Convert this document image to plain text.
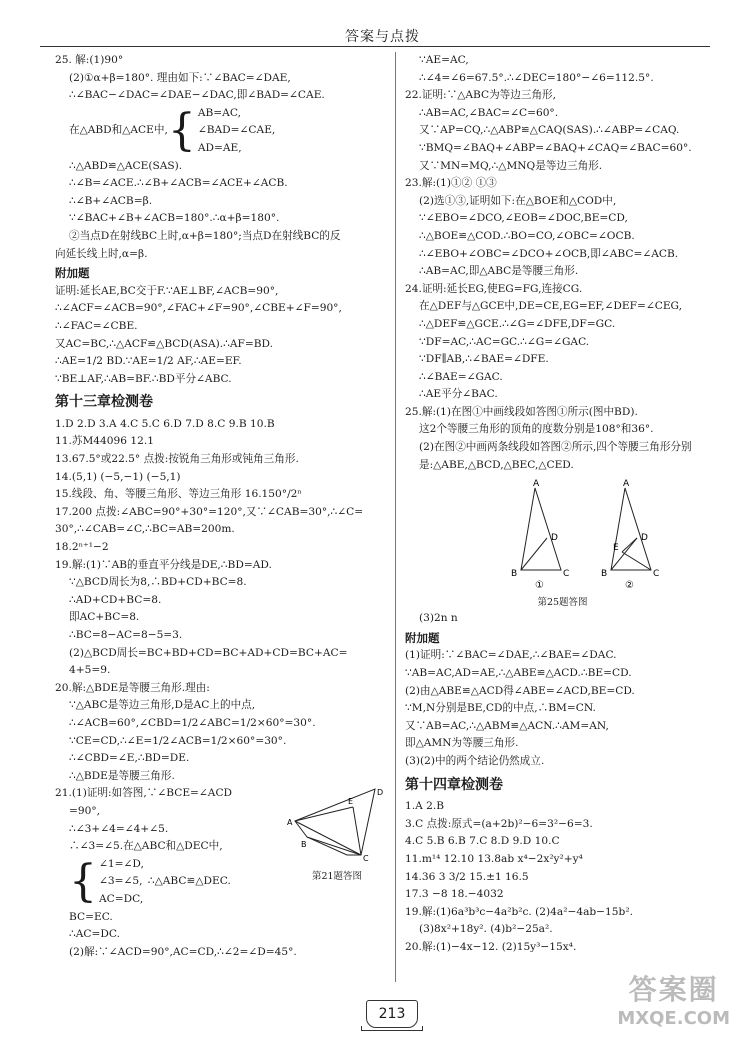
答案与点拨
25. 解:(1)90°
(2)①α+β=180°. 理由如下:∵∠BAC=∠DAE,
∴∠BAC−∠DAC=∠DAE−∠DAC,即∠BAD=∠CAE.
在△ABD和△ACE中, { AB=AC,
∠BAD=∠CAE,
AD=AE,
∴△ABD≌△ACE(SAS).
∴∠B=∠ACE.∴∠B+∠ACB=∠ACE+∠ACB.
∴∠B+∠ACB=β.
∵∠BAC+∠B+∠ACB=180°.∴α+β=180°.
②当点D在射线BC上时,α+β=180°;当点D在射线BC的反
向延长线上时,α=β.
附加题
证明:延长AE,BC交于F.∵AE⊥BF,∠ACB=90°,
∴∠ACF=∠ACB=90°,∠FAC+∠F=90°,∠CBE+∠F=90°,
∴∠FAC=∠CBE.
又AC=BC,∴△ACF≌△BCD(ASA).∴AF=BD.
∴AE=1/2 BD.∵AE=1/2 AF,∴AE=EF.
∵BE⊥AF,∴AB=BF.∴BD平分∠ABC.
第十三章检测卷
1.D 2.D 3.A 4.C 5.C 6.D 7.D 8.C 9.B 10.B
11.苏M44096 12.1
13.67.5°或22.5° 点拨:按锐角三角形或钝角三角形.
14.(5,1) (−5,−1) (−5,1)
15.线段、角、等腰三角形、等边三角形 16.150°/2ⁿ
17.200 点拨:∠ABC=90°+30°=120°,又∵∠CAB=30°,∴∠C=
30°,∴∠CAB=∠C,∴BC=AB=200m.
18.2ⁿ⁺¹−2
19.解:(1)∵AB的垂直平分线是DE,∴BD=AD.
∵△BCD周长为8,∴BD+CD+BC=8.
∴AD+CD+BC=8.
即AC+BC=8.
∴BC=8−AC=8−5=3.
(2)△BCD周长=BC+BD+CD=BC+AD+CD=BC+AC=
4+5=9.
20.解:△BDE是等腰三角形.理由:
∵△ABC是等边三角形,D是AC上的中点,
∴∠ACB=60°,∠CBD=1/2∠ABC=1/2×60°=30°.
∵CE=CD,∴∠E=1/2∠ACB=1/2×60°=30°.
∴∠CBD=∠E,∴BD=DE.
∴△BDE是等腰三角形.
21.(1)证明:如答图,∵∠BCE=∠ACD
=90°,
∴∠3+∠4=∠4+∠5.
∴∠3=∠5.在△ABC和△DEC中,
{ ∠1=∠D,
∠3=∠5,
AC=DC,
∴△ABC≌△DEC.
BC=EC.
∴AC=DC.
(2)解:∵∠ACD=90°,AC=CD,∴∠2=∠D=45°.
A
D
E
B
C
第21题答图
∵AE=AC,
∴∠4=∠6=67.5°.∴∠DEC=180°−∠6=112.5°.
22.证明:∵△ABC为等边三角形,
∴AB=AC,∠BAC=∠C=60°.
又∵AP=CQ,∴△ABP≌△CAQ(SAS).∴∠ABP=∠CAQ.
∵BMQ=∠BAQ+∠ABP=∠BAQ+∠CAQ=∠BAC=60°.
又∵MN=MQ,∴△MNQ是等边三角形.
23.解:(1)①② ①③
(2)选①③,证明如下:在△BOE和△COD中,
∵∠EBO=∠DCO,∠EOB=∠DOC,BE=CD,
∴△BOE≌△COD.∴BO=CO,∠OBC=∠OCB.
∴∠EBO+∠OBC=∠DCO+∠OCB,即∠ABC=∠ACB.
∴AB=AC,即△ABC是等腰三角形.
24.证明:延长EG,使EG=FG,连接CG.
在△DEF与△GCE中,DE=CE,EG=EF,∠DEF=∠CEG,
∴△DEF≌△GCE.∴∠G=∠DFE,DF=GC.
∵DF=AC,∴AC=GC.∴∠G=∠GAC.
∵DF∥AB,∴∠BAE=∠DFE.
∴∠BAE=∠GAC.
∴AE平分∠BAC.
25.解:(1)在图①中画线段如答图①所示(图中BD).
这2个等腰三角形的顶角的度数分别是108°和36°.
(2)在图②中画两条线段如答图②所示,四个等腰三角形分别
是:△ABE,△BCD,△BEC,△CED.
A
D
B	C
①
A
D
E
B	C
②
第25题答图
(3)2n n
附加题
(1)证明:∵∠BAC=∠DAE,∴∠BAE=∠DAC.
∵AB=AC,AD=AE,∴△ABE≌△ACD.∴BE=CD.
(2)由△ABE≌△ACD得∠ABE=∠ACD,BE=CD.
∵M,N分别是BE,CD的中点,∴BM=CN.
又∵AB=AC,∴△ABM≌△ACN.∴AM=AN,
即△AMN为等腰三角形.
(3)(2)中的两个结论仍然成立.
第十四章检测卷
1.A 2.B
3.C 点拨:原式=(a+2b)²−6=3²−6=3.
4.C 5.B 6.B 7.C 8.D 9.D 10.C
11.m¹⁴ 12.10 13.8ab x⁴−2x²y²+y⁴
14.36 3 3/2 15.±1 16.5
17.3 −8 18.−4032
19.解:(1)6a³b³c−4a²b²c. (2)4a²−4ab−15b².
(3)8x²+18y². (4)b²−25a².
20.解:(1)−4x−12. (2)15y³−15x⁴.
213
答案圈
MXQE.COM
